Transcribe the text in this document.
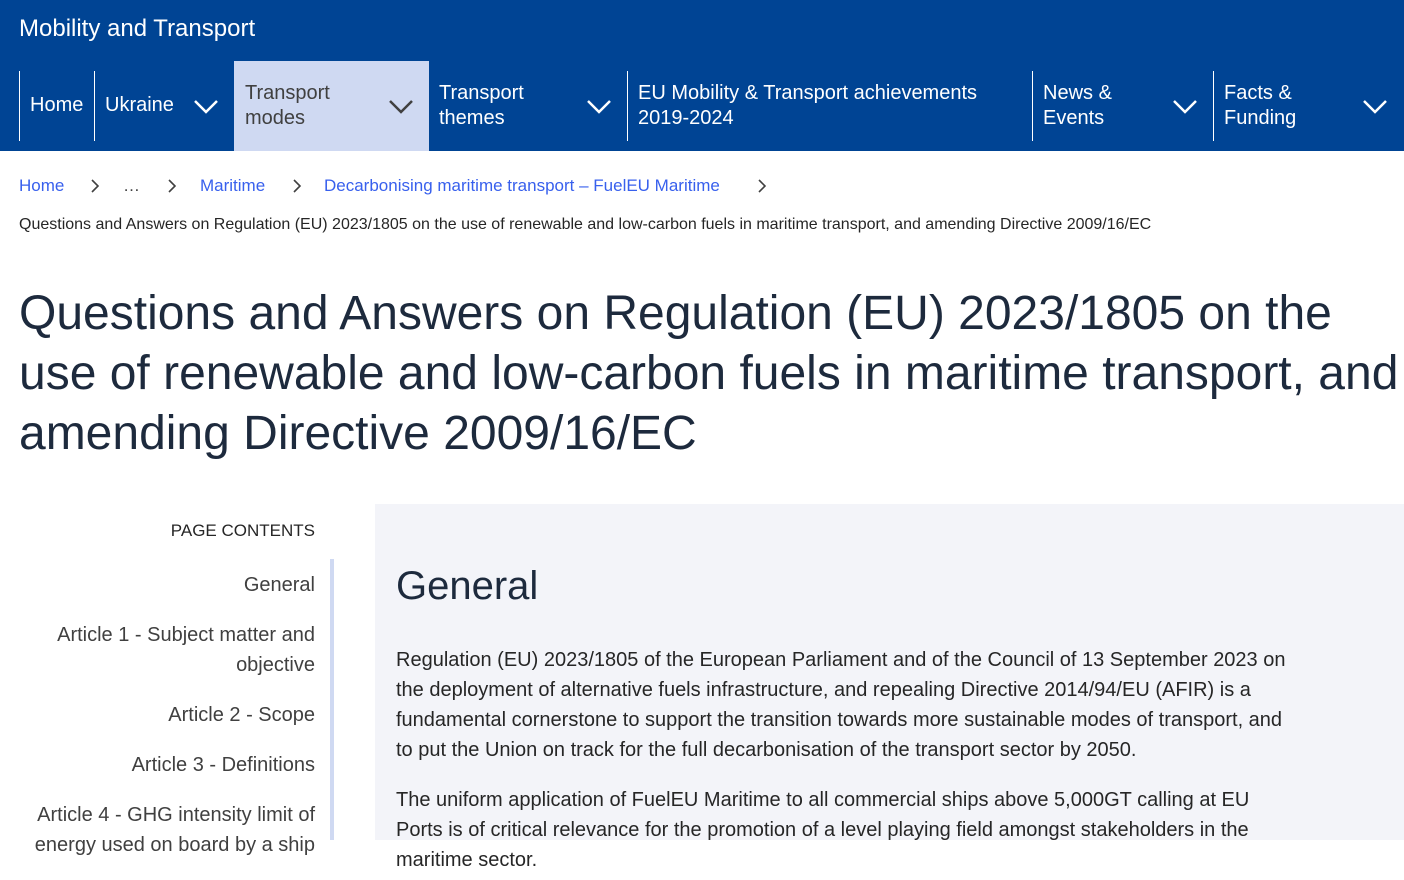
Mobility and Transport
Home Ukraine
Transport modes
Transport themes
EU Mobility & Transport achievements 2019-2024
News & Events
Facts & Funding
Home	…	Maritime	Decarbonising maritime transport – FuelEU Maritime
Questions and Answers on Regulation (EU) 2023/1805 on the use of renewable and low-carbon fuels in maritime transport, and amending Directive 2009/16/EC
Questions and Answers on Regulation (EU) 2023/1805 on the use of renewable and low-carbon fuels in maritime transport, and amending Directive 2009/16/EC
PAGE CONTENTS
General
Article 1 - Subject matter and objective
Article 2 - Scope
Article 3 - Definitions
Article 4 - GHG intensity limit of energy used on board by a ship
General

Regulation (EU) 2023/1805 of the European Parliament and of the Council of 13 September 2023 on the deployment of alternative fuels infrastructure, and repealing Directive 2014/94/EU (AFIR) is a fundamental cornerstone to support the transition towards more sustainable modes of transport, and to put the Union on track for the full decarbonisation of the transport sector by 2050.

The uniform application of FuelEU Maritime to all commercial ships above 5,000GT calling at EU Ports is of critical relevance for the promotion of a level playing field amongst stakeholders in the maritime sector.
